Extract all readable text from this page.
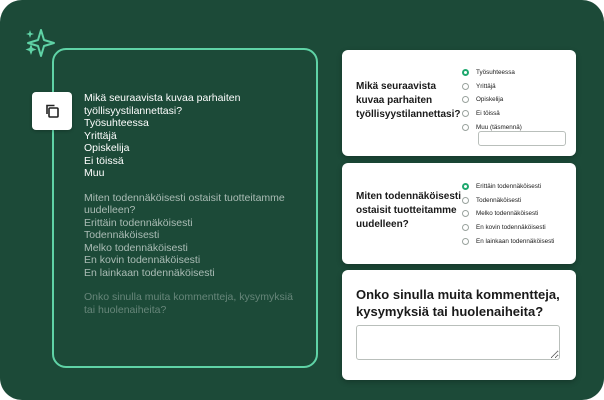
Mikä seuraavista kuvaa parhaiten
työllisyystilannettasi?
Työsuhteessa
Yrittäjä
Opiskelija
Ei töissä
Muu
Miten todennäköisesti ostaisit tuotteitamme
uudelleen?
Erittäin todennäköisesti
Todennäköisesti
Melko todennäköisesti
En kovin todennäköisesti
En lainkaan todennäköisesti
Onko sinulla muita kommentteja, kysymyksiä
tai huolenaiheita?
Mikä seuraavista kuvaa parhaiten työllisyystilannettasi?
Työsuhteessa
Yrittäjä
Opiskelija
Ei töissä
Muu (täsmennä)
Miten todennäköisesti ostaisit tuotteitamme uudelleen?
Erittäin todennäköisesti
Todennäköisesti
Melko todennäköisesti
En kovin todennäköisesti
En lainkaan todennäköisesti
Onko sinulla muita kommentteja, kysymyksiä tai huolenaiheita?
